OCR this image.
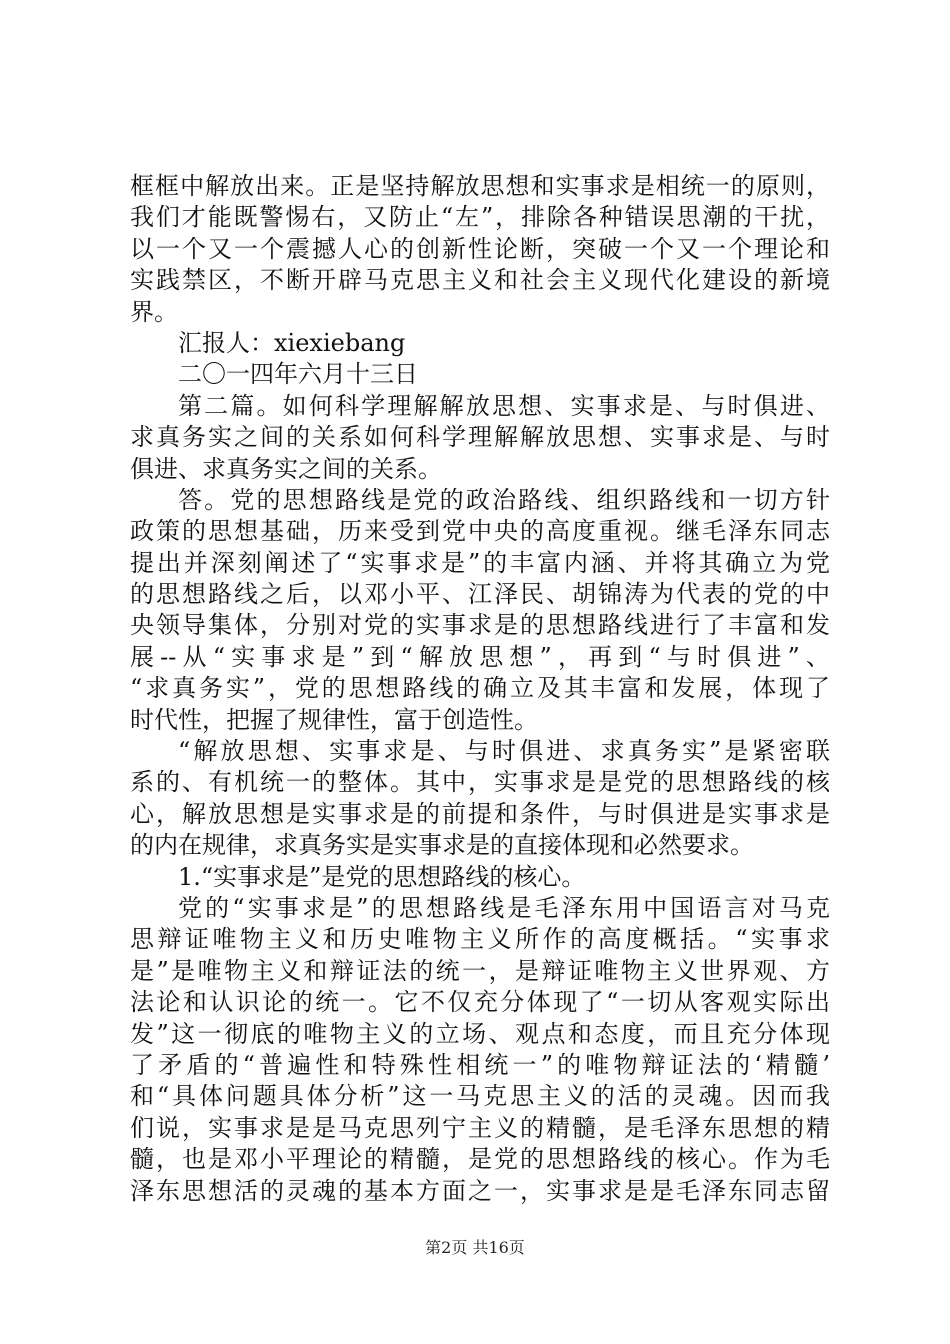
框框中解放出来。正是坚持解放思想和实事求是相统一的原则，
我们才能既警惕右，又防止“左”，排除各种错误思潮的干扰，
以一个又一个震撼人心的创新性论断，突破一个又一个理论和
实践禁区，不断开辟马克思主义和社会主义现代化建设的新境
界。
汇报人：xiexiebang
二〇一四年六月十三日
第二篇。如何科学理解解放思想、实事求是、与时俱进、
求真务实之间的关系如何科学理解解放思想、实事求是、与时
俱进、求真务实之间的关系。
答。党的思想路线是党的政治路线、组织路线和一切方针
政策的思想基础，历来受到党中央的高度重视。继毛泽东同志
提出并深刻阐述了“实事求是”的丰富内涵、并将其确立为党
的思想路线之后，以邓小平、江泽民、胡锦涛为代表的党的中
央领导集体，分别对党的实事求是的思想路线进行了丰富和发
展--从“实事求是”到“解放思想”，再到“与时俱进”、
“求真务实”，党的思想路线的确立及其丰富和发展，体现了
时代性，把握了规律性，富于创造性。
“解放思想、实事求是、与时俱进、求真务实”是紧密联
系的、有机统一的整体。其中，实事求是是党的思想路线的核
心，解放思想是实事求是的前提和条件，与时俱进是实事求是
的内在规律，求真务实是实事求是的直接体现和必然要求。
1.“实事求是”是党的思想路线的核心。
党的“实事求是”的思想路线是毛泽东用中国语言对马克
思辩证唯物主义和历史唯物主义所作的高度概括。“实事求
是”是唯物主义和辩证法的统一，是辩证唯物主义世界观、方
法论和认识论的统一。它不仅充分体现了“一切从客观实际出
发”这一彻底的唯物主义的立场、观点和态度，而且充分体现
了矛盾的“普遍性和特殊性相统一”的唯物辩证法的‘精髓’
和“具体问题具体分析”这一马克思主义的活的灵魂。因而我
们说，实事求是是马克思列宁主义的精髓，是毛泽东思想的精
髓，也是邓小平理论的精髓，是党的思想路线的核心。作为毛
泽东思想活的灵魂的基本方面之一，实事求是是毛泽东同志留
第2页 共16页
